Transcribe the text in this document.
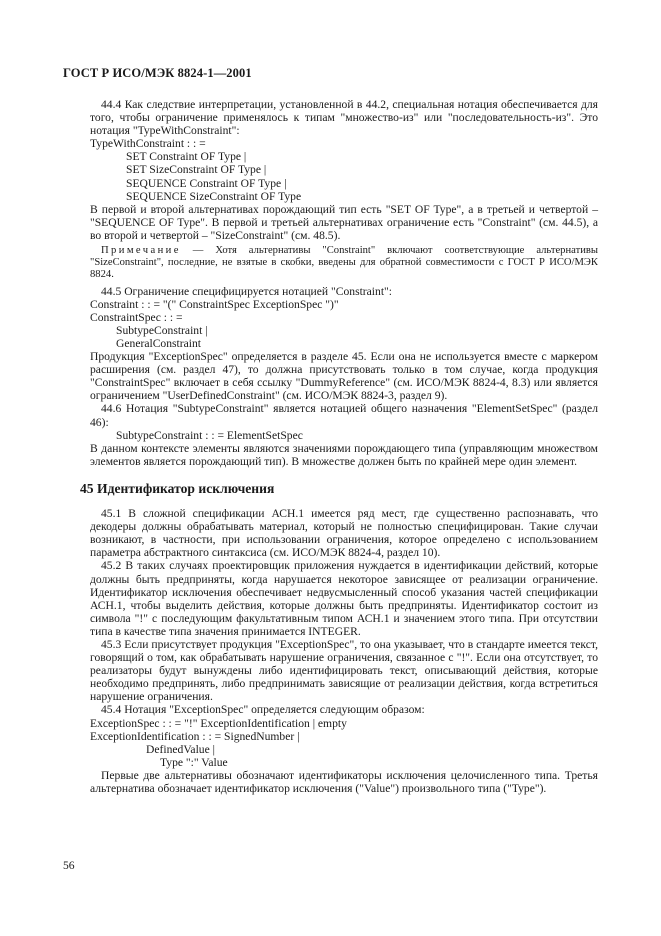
ГОСТ Р ИСО/МЭК 8824-1—2001

44.4 Как следствие интерпретации, установленной в 44.2, специальная нотация обеспечивается для того, чтобы ограничение применялось к типам "множество-из" или "последовательность-из". Это нотация "TypeWithConstraint":

TypeWithConstraint : : =

SET Constraint OF Type |

SET SizeConstraint OF Type |

SEQUENCE Constraint OF Type |

SEQUENCE SizeConstraint OF Type

В первой и второй альтернативах порождающий тип есть "SET OF Type", а в третьей и четвертой – "SEQUENCE OF Type". В первой и третьей альтернативах ограничение есть "Constraint" (см. 44.5), а во второй и четвертой – "SizeConstraint" (см. 48.5).

Примечание — Хотя альтернативы "Constraint" включают соответствующие альтернативы "SizeConstraint", последние, не взятые в скобки, введены для обратной совместимости с ГОСТ Р ИСО/МЭК 8824.

44.5 Ограничение специфицируется нотацией "Constraint":

Constraint : : = "(" ConstraintSpec ExceptionSpec ")"

ConstraintSpec : : =

SubtypeConstraint |

GeneralConstraint

Продукция "ExceptionSpec" определяется в разделе 45. Если она не используется вместе с маркером расширения (см. раздел 47), то должна присутствовать только в том случае, когда продукция "ConstraintSpec" включает в себя ссылку "DummyReference" (см. ИСО/МЭК 8824-4, 8.3) или является ограничением "UserDefinedConstraint" (см. ИСО/МЭК 8824-3, раздел 9).

44.6 Нотация "SubtypeConstraint" является нотацией общего назначения "ElementSetSpec" (раздел 46):

SubtypeConstraint : : = ElementSetSpec

В данном контексте элементы являются значениями порождающего типа (управляющим множеством элементов является порождающий тип). В множестве должен быть по крайней мере один элемент.

45 Идентификатор исключения

45.1 В сложной спецификации АСН.1 имеется ряд мест, где существенно распознавать, что декодеры должны обрабатывать материал, который не полностью специфицирован. Такие случаи возникают, в частности, при использовании ограничения, которое определено с использованием параметра абстрактного синтаксиса (см. ИСО/МЭК 8824-4, раздел 10).

45.2 В таких случаях проектировщик приложения нуждается в идентификации действий, которые должны быть предприняты, когда нарушается некоторое зависящее от реализации ограничение. Идентификатор исключения обеспечивает недвусмысленный способ указания частей спецификации АСН.1, чтобы выделить действия, которые должны быть предприняты. Идентификатор состоит из символа "!" с последующим факультативным типом АСН.1 и значением этого типа. При отсутствии типа в качестве типа значения принимается INTEGER.

45.3 Если присутствует продукция "ExceptionSpec", то она указывает, что в стандарте имеется текст, говорящий о том, как обрабатывать нарушение ограничения, связанное с "!". Если она отсутствует, то реализаторы будут вынуждены либо идентифицировать текст, описывающий действия, которые необходимо предпринять, либо предпринимать зависящие от реализации действия, когда встретиться нарушение ограничения.

45.4 Нотация "ExceptionSpec" определяется следующим образом:

ExceptionSpec : : = "!" ExceptionIdentification | empty

ExceptionIdentification : : = SignedNumber |

DefinedValue |

Type ":" Value

Первые две альтернативы обозначают идентификаторы исключения целочисленного типа. Третья альтернатива обозначает идентификатор исключения ("Value") произвольного типа ("Type").

56
